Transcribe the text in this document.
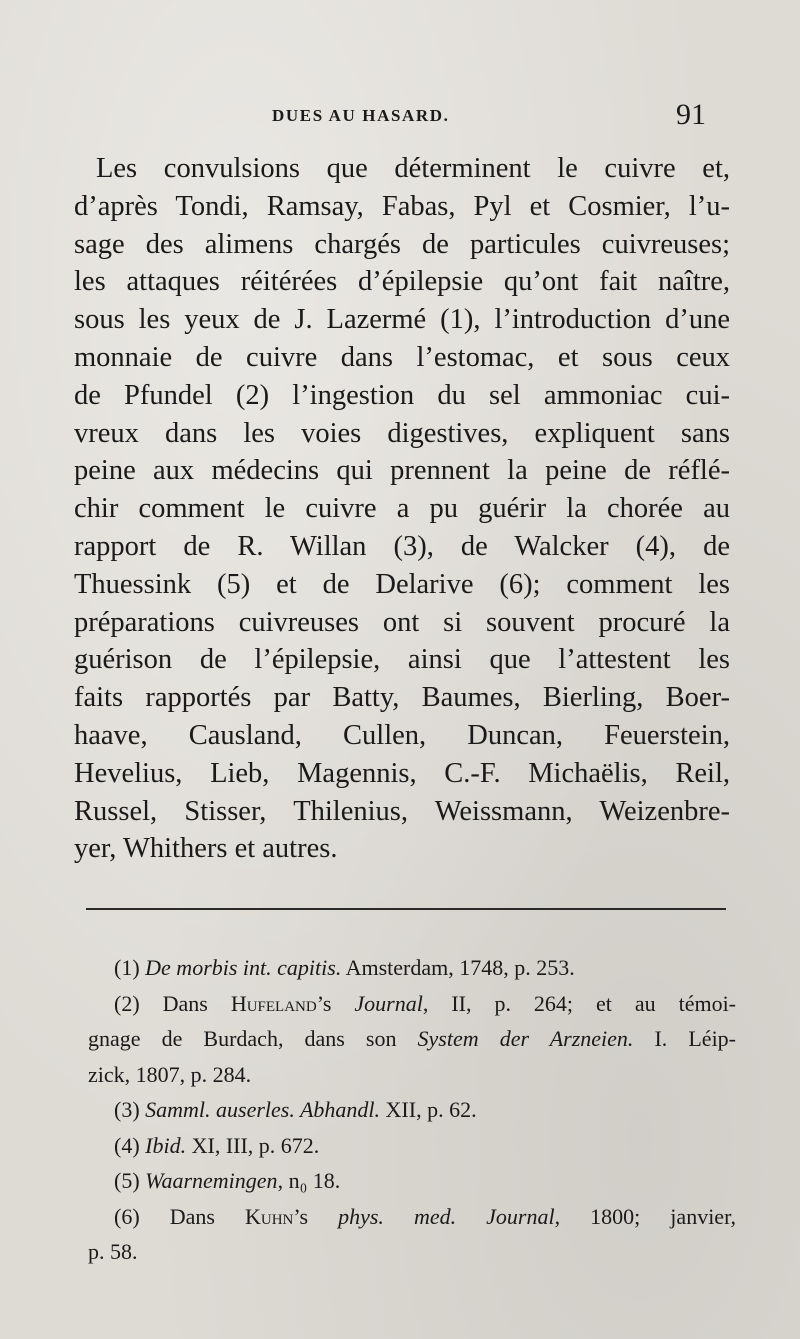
DUES AU HASARD.	91
Les convulsions que déterminent le cuivre et,
d’après Tondi, Ramsay, Fabas, Pyl et Cosmier, l’u-
sage des alimens chargés de particules cuivreuses;
les attaques réitérées d’épilepsie qu’ont fait naître,
sous les yeux de J. Lazermé (1), l’introduction d’une
monnaie de cuivre dans l’estomac, et sous ceux
de Pfundel (2) l’ingestion du sel ammoniac cui-
vreux dans les voies digestives, expliquent sans
peine aux médecins qui prennent la peine de réflé-
chir comment le cuivre a pu guérir la chorée au
rapport de R. Willan (3), de Walcker (4), de
Thuessink (5) et de Delarive (6); comment les
préparations cuivreuses ont si souvent procuré la
guérison de l’épilepsie, ainsi que l’attestent les
faits rapportés par Batty, Baumes, Bierling, Boer-
haave, Causland, Cullen, Duncan, Feuerstein,
Hevelius, Lieb, Magennis, C.-F. Michaëlis, Reil,
Russel, Stisser, Thilenius, Weissmann, Weizenbre-
yer, Whithers et autres.
(1) De morbis int. capitis. Amsterdam, 1748, p. 253.
(2) Dans Hufeland’s Journal, II, p. 264; et au témoi-
gnage de Burdach, dans son System der Arzneien. I. Léip-
zick, 1807, p. 284.
(3) Samml. auserles. Abhandl. XII, p. 62.
(4) Ibid. XI, III, p. 672.
(5) Waarnemingen, n₀ 18.
(6) Dans Kuhn’s phys. med. Journal, 1800; janvier,
p. 58.
